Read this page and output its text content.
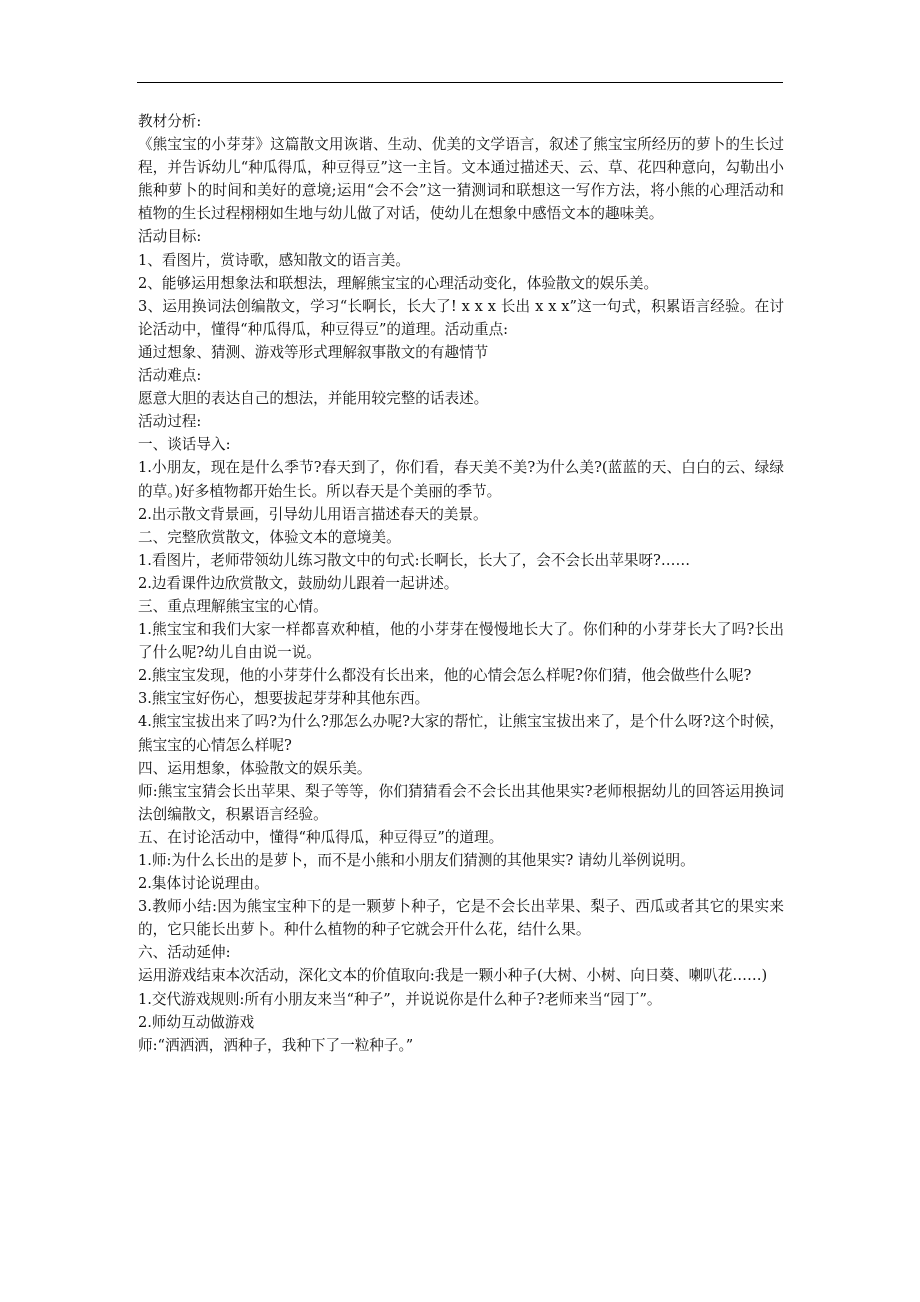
教材分析:

《熊宝宝的小芽芽》这篇散文用诙谐、生动、优美的文学语言，叙述了熊宝宝所经历的萝卜的生长过程，并告诉幼儿“种瓜得瓜，种豆得豆”这一主旨。文本通过描述天、云、草、花四种意向，勾勒出小熊种萝卜的时间和美好的意境;运用“会不会”这一猜测词和联想这一写作方法，将小熊的心理活动和植物的生长过程栩栩如生地与幼儿做了对话，使幼儿在想象中感悟文本的趣味美。

活动目标:

1、看图片，赏诗歌，感知散文的语言美。

2、能够运用想象法和联想法，理解熊宝宝的心理活动变化，体验散文的娱乐美。

3、运用换词法创编散文，学习“长啊长，长大了! x x x 长出 x x x”这一句式，积累语言经验。在讨论活动中，懂得“种瓜得瓜，种豆得豆”的道理。活动重点:

通过想象、猜测、游戏等形式理解叙事散文的有趣情节

活动难点:

愿意大胆的表达自己的想法，并能用较完整的话表述。

活动过程:

一、谈话导入:

1.小朋友，现在是什么季节?春天到了，你们看，春天美不美?为什么美?(蓝蓝的天、白白的云、绿绿的草。)好多植物都开始生长。所以春天是个美丽的季节。

2.出示散文背景画，引导幼儿用语言描述春天的美景。

二、完整欣赏散文，体验文本的意境美。

1.看图片，老师带领幼儿练习散文中的句式:长啊长，长大了，会不会长出苹果呀?……

2.边看课件边欣赏散文，鼓励幼儿跟着一起讲述。

三、重点理解熊宝宝的心情。

1.熊宝宝和我们大家一样都喜欢种植，他的小芽芽在慢慢地长大了。你们种的小芽芽长大了吗?长出了什么呢?幼儿自由说一说。

2.熊宝宝发现，他的小芽芽什么都没有长出来，他的心情会怎么样呢?你们猜，他会做些什么呢?

3.熊宝宝好伤心，想要拔起芽芽种其他东西。

4.熊宝宝拔出来了吗?为什么?那怎么办呢?大家的帮忙，让熊宝宝拔出来了，是个什么呀?这个时候，熊宝宝的心情怎么样呢?

四、运用想象，体验散文的娱乐美。

师:熊宝宝猜会长出苹果、梨子等等，你们猜猜看会不会长出其他果实?老师根据幼儿的回答运用换词法创编散文，积累语言经验。

五、在讨论活动中，懂得“种瓜得瓜，种豆得豆”的道理。

1.师:为什么长出的是萝卜，而不是小熊和小朋友们猜测的其他果实? 请幼儿举例说明。

2.集体讨论说理由。

3.教师小结:因为熊宝宝种下的是一颗萝卜种子，它是不会长出苹果、梨子、西瓜或者其它的果实来的，它只能长出萝卜。种什么植物的种子它就会开什么花，结什么果。

六、活动延伸:

运用游戏结束本次活动，深化文本的价值取向:我是一颗小种子(大树、小树、向日葵、喇叭花……)

1.交代游戏规则:所有小朋友来当“种子”，并说说你是什么种子?老师来当“园丁”。

2.师幼互动做游戏

师:“洒洒洒，洒种子，我种下了一粒种子。”
